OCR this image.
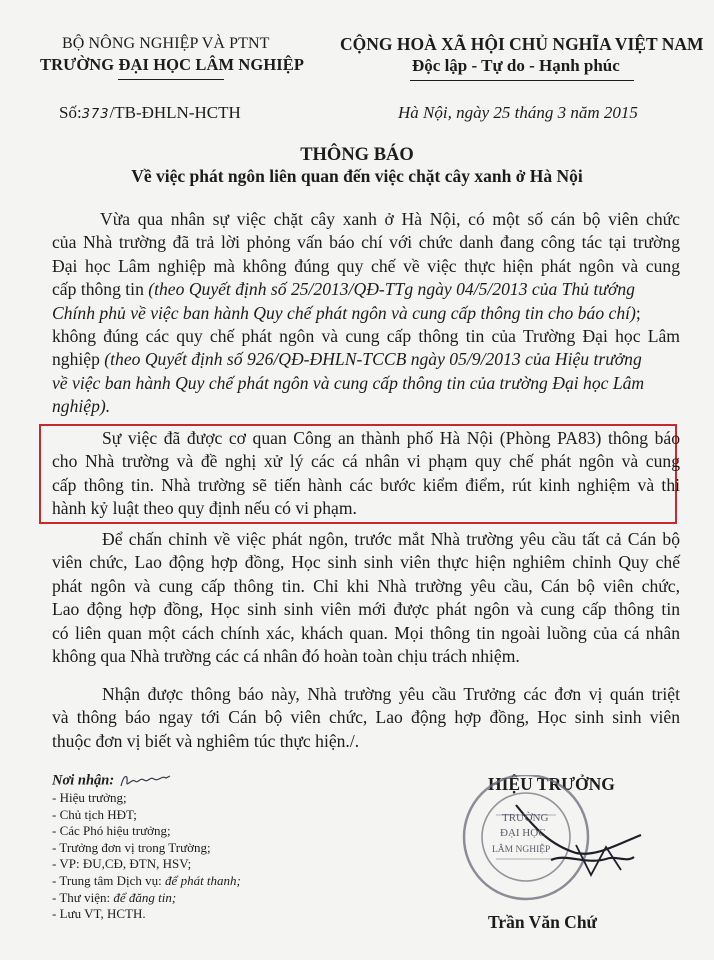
BỘ NÔNG NGHIỆP VÀ PTNT
TRƯỜNG ĐẠI HỌC LÂM NGHIỆP
CỘNG HOÀ XÃ HỘI CHỦ NGHĨA VIỆT NAM
Độc lập - Tự do - Hạnh phúc
Số:373/TB-ĐHLN-HCTH	Hà Nội, ngày 25 tháng 3 năm 2015
THÔNG BÁO
Về việc phát ngôn liên quan đến việc chặt cây xanh ở Hà Nội
Vừa qua nhân sự việc chặt cây xanh ở Hà Nội, có một số cán bộ viên chức
của Nhà trường đã trả lời phỏng vấn báo chí với chức danh đang công tác tại trường
Đại học Lâm nghiệp mà không đúng quy chế về việc thực hiện phát ngôn và cung
cấp thông tin (theo Quyết định số 25/2013/QĐ-TTg ngày 04/5/2013 của Thủ tướng
Chính phủ về việc ban hành Quy chế phát ngôn và cung cấp thông tin cho báo chí);
không đúng các quy chế phát ngôn và cung cấp thông tin của Trường Đại học Lâm
nghiệp (theo Quyết định số 926/QĐ-ĐHLN-TCCB ngày 05/9/2013 của Hiệu trưởng
về việc ban hành Quy chế phát ngôn và cung cấp thông tin của trường Đại học Lâm
nghiệp).
Sự việc đã được cơ quan Công an thành phố Hà Nội (Phòng PA83) thông báo
cho Nhà trường và đề nghị xử lý các cá nhân vi phạm quy chế phát ngôn và cung
cấp thông tin. Nhà trường sẽ tiến hành các bước kiểm điểm, rút kinh nghiệm và thi
hành kỷ luật theo quy định nếu có vi phạm.
Để chấn chỉnh về việc phát ngôn, trước mắt Nhà trường yêu cầu tất cả Cán bộ
viên chức, Lao động hợp đồng, Học sinh sinh viên thực hiện nghiêm chỉnh Quy chế
phát ngôn và cung cấp thông tin. Chỉ khi Nhà trường yêu cầu, Cán bộ viên chức,
Lao động hợp đồng, Học sinh sinh viên mới được phát ngôn và cung cấp thông tin
có liên quan một cách chính xác, khách quan. Mọi thông tin ngoài luồng của cá nhân
không qua Nhà trường các cá nhân đó hoàn toàn chịu trách nhiệm.
Nhận được thông báo này, Nhà trường yêu cầu Trưởng các đơn vị quán triệt
và thông báo ngay tới Cán bộ viên chức, Lao động hợp đồng, Học sinh sinh viên
thuộc đơn vị biết và nghiêm túc thực hiện./.
Nơi nhận:
- Hiệu trưởng;
- Chủ tịch HĐT;
- Các Phó hiệu trưởng;
- Trưởng đơn vị trong Trường;
- VP: ĐU,CĐ, ĐTN, HSV;
- Trung tâm Dịch vụ: để phát thanh;
- Thư viện: để đăng tin;
- Lưu VT, HCTH.
HIỆU TRƯỞNG
TRƯỜNG
ĐẠI HỌC
LÂM NGHIỆP
Trần Văn Chứ
